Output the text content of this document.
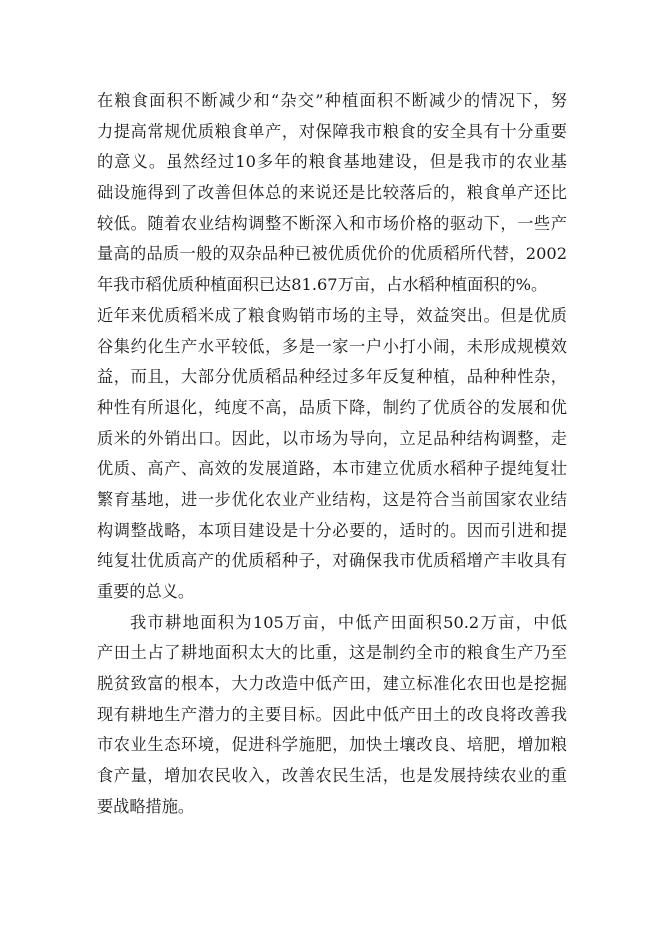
在粮食面积不断减少和“杂交”种植面积不断减少的情况下，努
力提高常规优质粮食单产，对保障我市粮食的安全具有十分重要
的意义。虽然经过10多年的粮食基地建设，但是我市的农业基
础设施得到了改善但体总的来说还是比较落后的，粮食单产还比
较低。随着农业结构调整不断深入和市场价格的驱动下，一些产
量高的品质一般的双杂品种已被优质优价的优质稻所代替，2002
年我市稻优质种植面积已达81.67万亩，占水稻种植面积的%。
近年来优质稻米成了粮食购销市场的主导，效益突出。但是优质
谷集约化生产水平较低，多是一家一户小打小闹，未形成规模效
益，而且，大部分优质稻品种经过多年反复种植，品种种性杂，
种性有所退化，纯度不高，品质下降，制约了优质谷的发展和优
质米的外销出口。因此，以市场为导向，立足品种结构调整，走
优质、高产、高效的发展道路，本市建立优质水稻种子提纯复壮
繁育基地，进一步优化农业产业结构，这是符合当前国家农业结
构调整战略，本项目建设是十分必要的，适时的。因而引进和提
纯复壮优质高产的优质稻种子，对确保我市优质稻增产丰收具有
重要的总义。
我市耕地面积为105万亩，中低产田面积50.2万亩，中低
产田土占了耕地面积太大的比重，这是制约全市的粮食生产乃至
脱贫致富的根本，大力改造中低产田，建立标准化农田也是挖掘
现有耕地生产潜力的主要目标。因此中低产田土的改良将改善我
市农业生态环境，促进科学施肥，加快土壤改良、培肥，增加粮
食产量，增加农民收入，改善农民生活，也是发展持续农业的重
要战略措施。
